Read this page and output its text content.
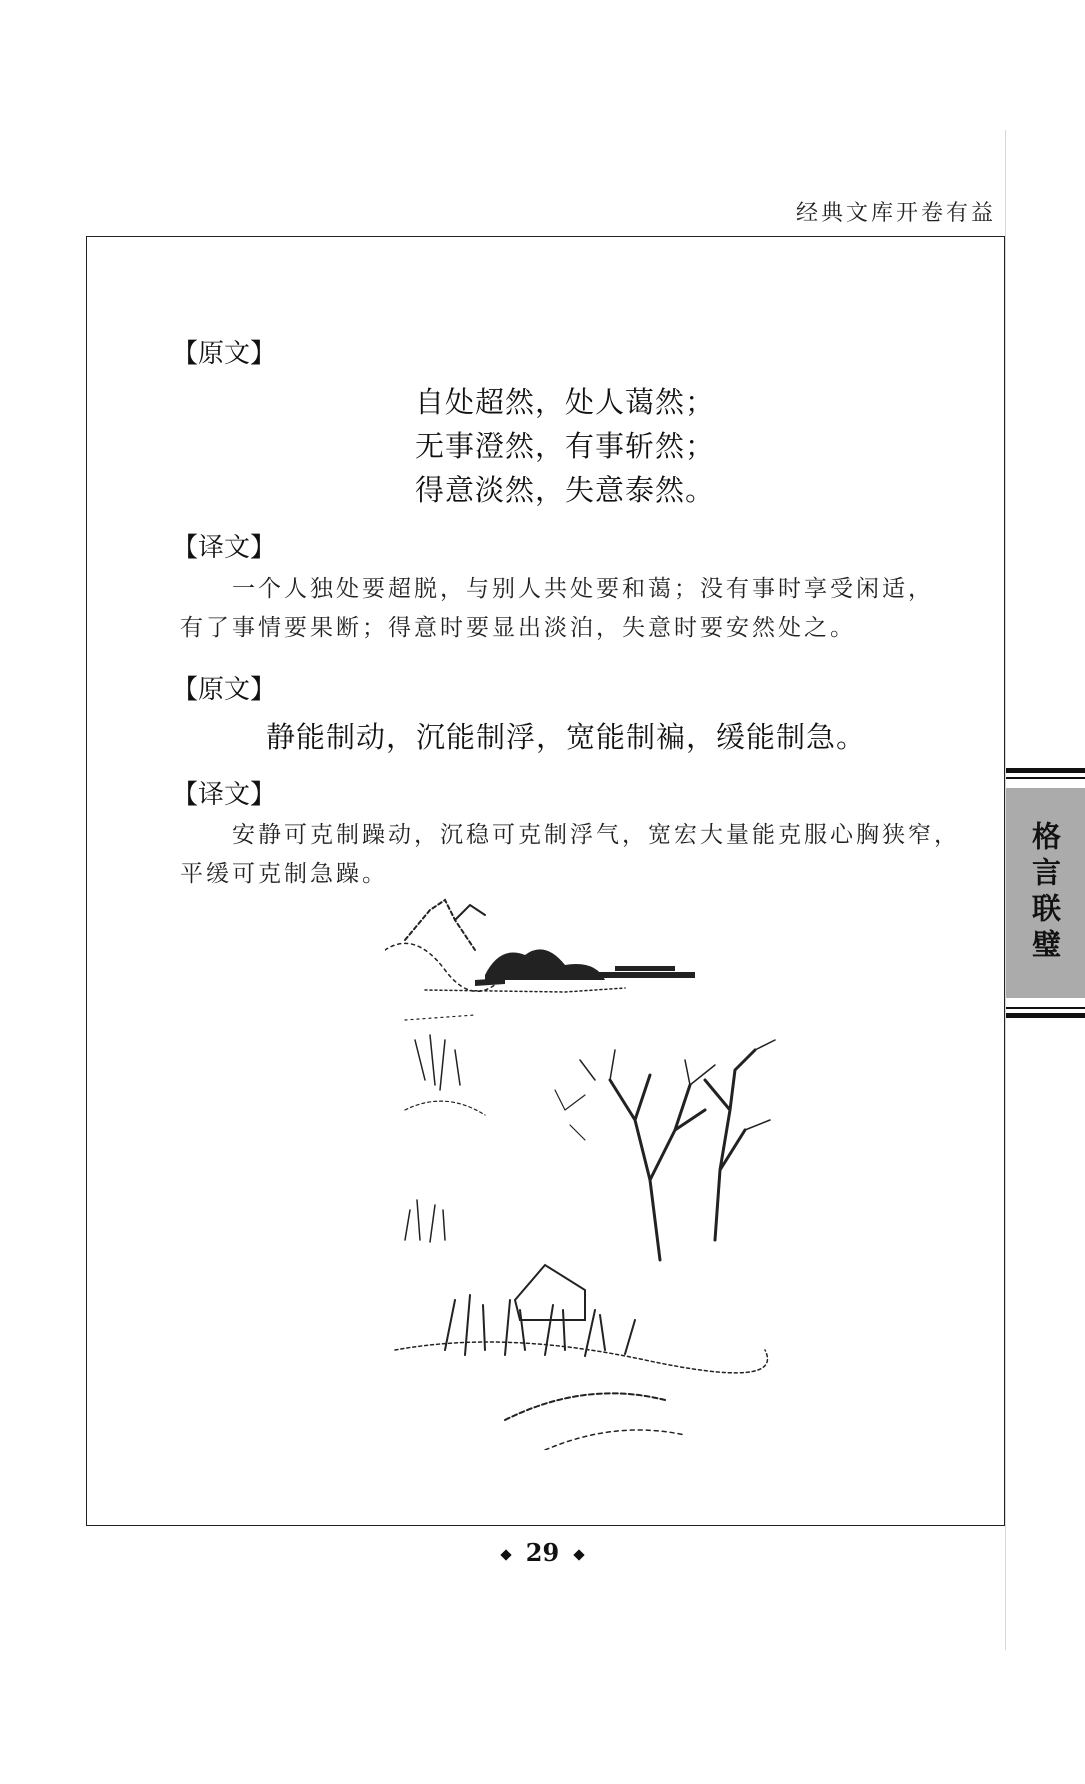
经典文库开卷有益
【原文】
自处超然，处人蔼然；
无事澄然，有事斩然；
得意淡然，失意泰然。
【译文】
一个人独处要超脱，与别人共处要和蔼；没有事时享受闲适，
有了事情要果断；得意时要显出淡泊，失意时要安然处之。
【原文】
静能制动，沉能制浮，宽能制褊，缓能制急。
【译文】
安静可克制躁动，沉稳可克制浮气，宽宏大量能克服心胸狭窄，
平缓可克制急躁。	格言联璧
29
